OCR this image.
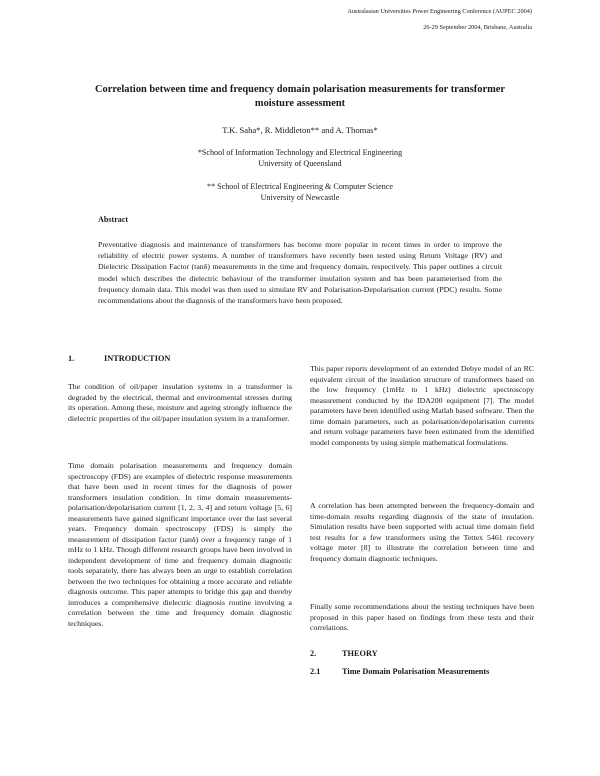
Australasian Universities Power Engineering Conference (AUPEC 2004)
26-29 September 2004, Brisbane, Australia
Correlation between time and frequency domain polarisation measurements for transformer moisture assessment
T.K. Saha*, R. Middleton** and A. Thomas*
*School of Information Technology and Electrical Engineering
University of Queensland
** School of Electrical Engineering & Computer Science
University of Newcastle
Abstract
Preventative diagnosis and maintenance of transformers has become more popular in recent times in order to improve the reliability of electric power systems. A number of transformers have recently been tested using Return Voltage (RV) and Dielectric Dissipation Factor (tanδ) measurements in the time and frequency domain, respectively. This paper outlines a circuit model which describes the dielectric behaviour of the transformer insulation system and has been parameterised from the frequency domain data. This model was then used to simulate RV and Polarisation-Depolarisation current (PDC) results. Some recommendations about the diagnosis of the transformers have been proposed.
1.	INTRODUCTION

The condition of oil/paper insulation systems in a transformer is degraded by the electrical, thermal and environmental stresses during its operation. Among these, moisture and ageing strongly influence the dielectric properties of the oil/paper insulation system in a transformer.

Time domain polarisation measurements and frequency domain spectroscopy (FDS) are examples of dielectric response measurements that have been used in recent times for the diagnosis of power transformers insulation condition. In time domain measurements-polarisation/depolarisation current [1, 2, 3, 4] and return voltage [5, 6] measurements have gained significant importance over the last several years. Frequency domain spectroscopy (FDS) is simply the measurement of dissipation factor (tanδ) over a frequency range of 1 mHz to 1 kHz. Though different research groups have been involved in independent development of time and frequency domain diagnostic tools separately, there has always been an urge to establish correlation between the two techniques for obtaining a more accurate and reliable diagnosis outcome. This paper attempts to bridge this gap and thereby introduces a comprehensive dielectric diagnosis routine involving a correlation between the time and frequency domain diagnostic techniques.

This paper reports development of an extended Debye model of an RC equivalent circuit of the insulation structure of transformers based on the low frequency (1mHz to 1 kHz) dielectric spectroscopy measurement conducted by the IDA200 equipment [7]. The model parameters have been identified using Matlab based software. Then the time domain parameters, such as polarisation/depolarisation currents and return voltage parameters have been estimated from the identified model components by using simple mathematical formulations.

A correlation has been attempted between the frequency-domain and time-domain results regarding diagnosis of the state of insulation. Simulation results have been supported with actual time domain field test results for a few transformers using the Tettex 5461 recovery voltage meter [8] to illustrate the correlation between time and frequency domain diagnostic techniques.

Finally some recommendations about the testing techniques have been proposed in this paper based on findings from these tests and their correlations.

2.	THEORY
2.1	Time Domain Polarisation Measurements
